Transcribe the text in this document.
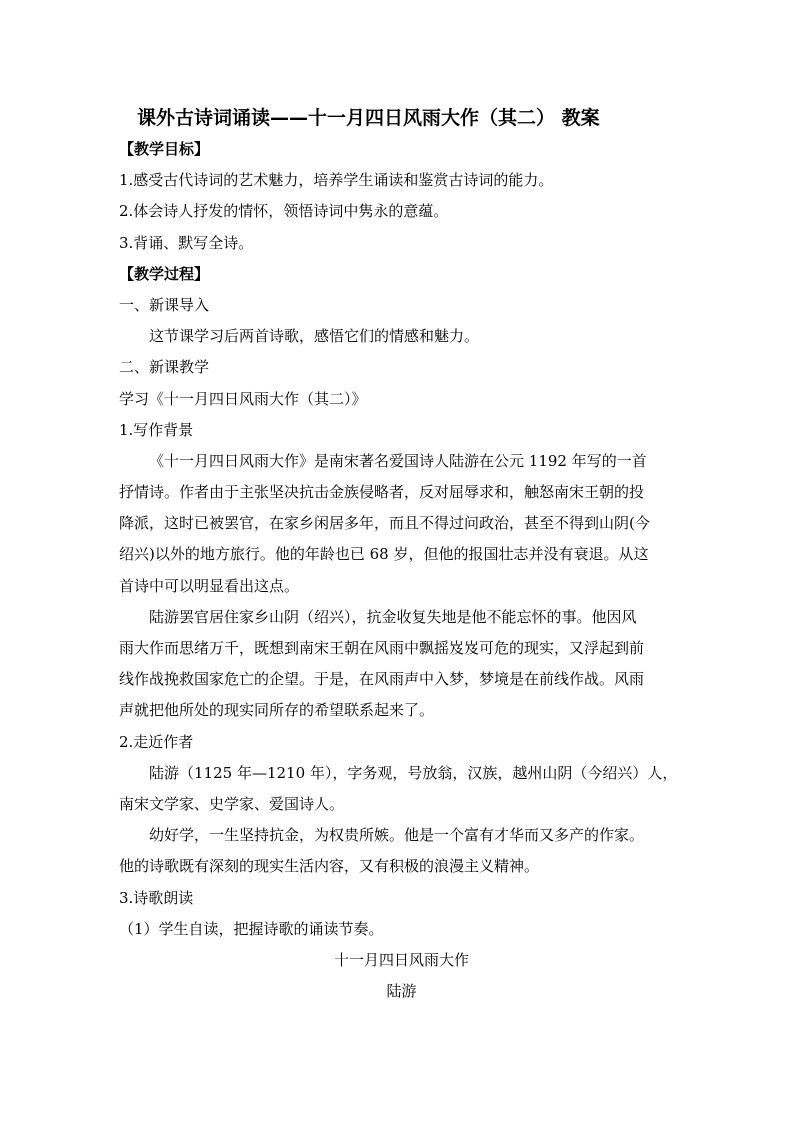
课外古诗词诵读——十一月四日风雨大作（其二） 教案
【教学目标】
1.感受古代诗词的艺术魅力，培养学生诵读和鉴赏古诗词的能力。
2.体会诗人抒发的情怀，领悟诗词中隽永的意蕴。
3.背诵、默写全诗。
【教学过程】
一、新课导入
这节课学习后两首诗歌，感悟它们的情感和魅力。
二、新课教学
学习《十一月四日风雨大作（其二）》
1.写作背景
《十一月四日风雨大作》是南宋著名爱国诗人陆游在公元 1192 年写的一首
抒情诗。作者由于主张坚决抗击金族侵略者，反对屈辱求和，触怒南宋王朝的投
降派，这时已被罢官，在家乡闲居多年，而且不得过问政治，甚至不得到山阴(今
绍兴)以外的地方旅行。他的年龄也已 68 岁，但他的报国壮志并没有衰退。从这
首诗中可以明显看出这点。
陆游罢官居住家乡山阴（绍兴），抗金收复失地是他不能忘怀的事。他因风
雨大作而思绪万千，既想到南宋王朝在风雨中飘摇岌岌可危的现实，又浮起到前
线作战挽救国家危亡的企望。于是，在风雨声中入梦，梦境是在前线作战。风雨
声就把他所处的现实同所存的希望联系起来了。
2.走近作者
陆游（1125 年—1210 年），字务观，号放翁，汉族，越州山阴（今绍兴）人，
南宋文学家、史学家、爱国诗人。
幼好学，一生坚持抗金，为权贵所嫉。他是一个富有才华而又多产的作家。
他的诗歌既有深刻的现实生活内容，又有积极的浪漫主义精神。
3.诗歌朗读
（1）学生自读，把握诗歌的诵读节奏。
十一月四日风雨大作
陆游
